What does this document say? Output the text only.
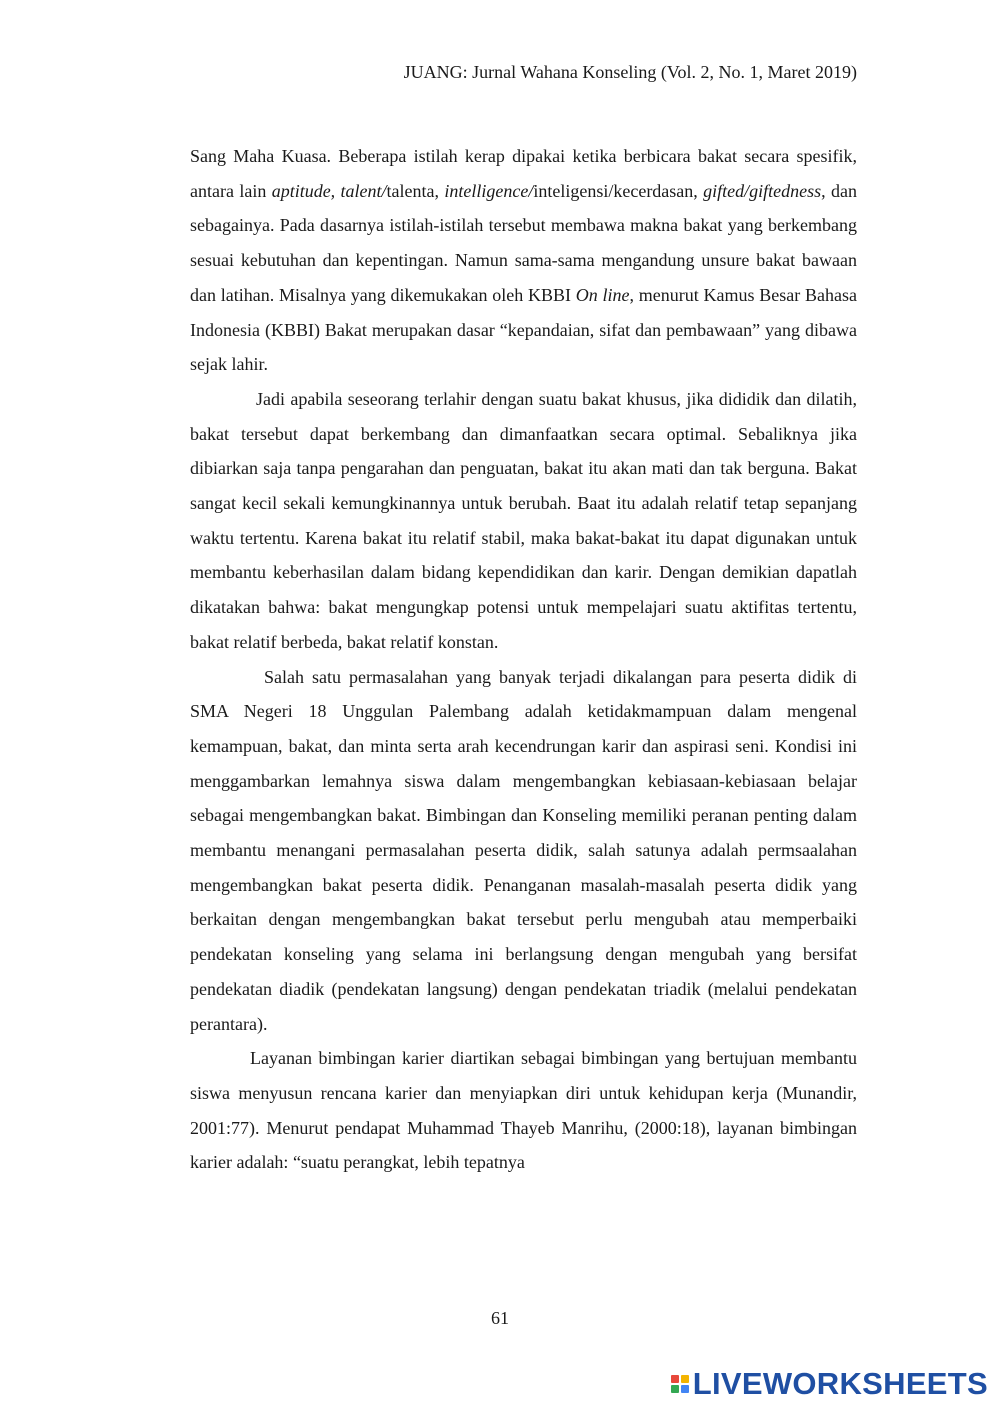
JUANG: Jurnal Wahana Konseling (Vol. 2, No. 1, Maret 2019)

Sang Maha Kuasa. Beberapa istilah kerap dipakai ketika berbicara bakat secara spesifik, antara lain aptitude, talent/talenta, intelligence/inteligensi/kecerdasan, gifted/giftedness, dan sebagainya. Pada dasarnya istilah-istilah tersebut membawa makna bakat yang berkembang sesuai kebutuhan dan kepentingan. Namun sama-sama mengandung unsure bakat bawaan dan latihan. Misalnya yang dikemukakan oleh KBBI On line, menurut Kamus Besar Bahasa Indonesia (KBBI) Bakat merupakan dasar “kepandaian, sifat dan pembawaan” yang dibawa sejak lahir.

Jadi apabila seseorang terlahir dengan suatu bakat khusus, jika dididik dan dilatih, bakat tersebut dapat berkembang dan dimanfaatkan secara optimal. Sebaliknya jika dibiarkan saja tanpa pengarahan dan penguatan, bakat itu akan mati dan tak berguna. Bakat sangat kecil sekali kemungkinannya untuk berubah. Baat itu adalah relatif tetap sepanjang waktu tertentu. Karena bakat itu relatif stabil, maka bakat-bakat itu dapat digunakan untuk membantu keberhasilan dalam bidang kependidikan dan karir. Dengan demikian dapatlah dikatakan bahwa: bakat mengungkap potensi untuk mempelajari suatu aktifitas tertentu, bakat relatif berbeda, bakat relatif konstan.

Salah satu permasalahan yang banyak terjadi dikalangan para peserta didik di SMA Negeri 18 Unggulan Palembang adalah ketidakmampuan dalam mengenal kemampuan, bakat, dan minta serta arah kecendrungan karir dan aspirasi seni. Kondisi ini menggambarkan lemahnya siswa dalam mengembangkan kebiasaan-kebiasaan belajar sebagai mengembangkan bakat. Bimbingan dan Konseling memiliki peranan penting dalam membantu menangani permasalahan peserta didik, salah satunya adalah permsaalahan mengembangkan bakat peserta didik. Penanganan masalah-masalah peserta didik yang berkaitan dengan mengembangkan bakat tersebut perlu mengubah atau memperbaiki pendekatan konseling yang selama ini berlangsung dengan mengubah yang bersifat pendekatan diadik (pendekatan langsung) dengan pendekatan triadik (melalui pendekatan perantara).

Layanan bimbingan karier diartikan sebagai bimbingan yang bertujuan membantu siswa menyusun rencana karier dan menyiapkan diri untuk kehidupan kerja (Munandir, 2001:77). Menurut pendapat Muhammad Thayeb Manrihu, (2000:18), layanan bimbingan karier adalah: “suatu perangkat, lebih tepatnya

61
LIVEWORKSHEETS
